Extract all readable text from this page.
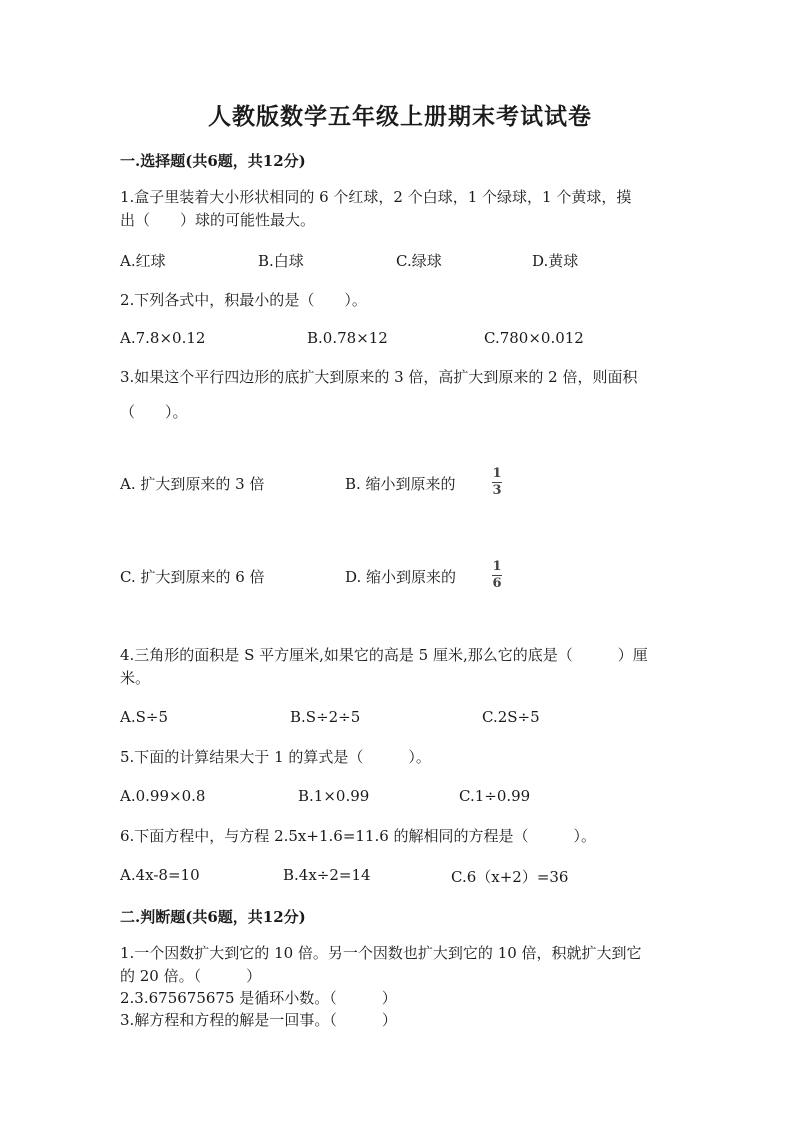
人教版数学五年级上册期末考试试卷
一.选择题(共6题，共12分)
1.盒子里装着大小形状相同的 6 个红球，2 个白球，1 个绿球，1 个黄球，摸
出（　　）球的可能性最大。
A.红球	B.白球	C.绿球	D.黄球
2.下列各式中，积最小的是（　　）。
A.7.8×0.12	B.0.78×12	C.780×0.012
3.如果这个平行四边形的底扩大到原来的 3 倍，高扩大到原来的 2 倍，则面积
（　　）。
A. 扩大到原来的 3 倍	B. 缩小到原来的
1
3
C. 扩大到原来的 6 倍	D. 缩小到原来的
1
6
4.三角形的面积是 S 平方厘米,如果它的高是 5 厘米,那么它的底是（　　　）厘
米。
A.S÷5	B.S÷2÷5	C.2S÷5
5.下面的计算结果大于 1 的算式是（　　　）。
A.0.99×0.8	B.1×0.99	C.1÷0.99
6.下面方程中，与方程 2.5x+1.6=11.6 的解相同的方程是（　　　）。
A.4x-8=10	B.4x÷2=14	C.6（x+2）=36
二.判断题(共6题，共12分)
1.一个因数扩大到它的 10 倍。另一个因数也扩大到它的 10 倍，积就扩大到它
的 20 倍。（　　　）
2.3.675675675 是循环小数。（　　　）
3.解方程和方程的解是一回事。（　　　）
